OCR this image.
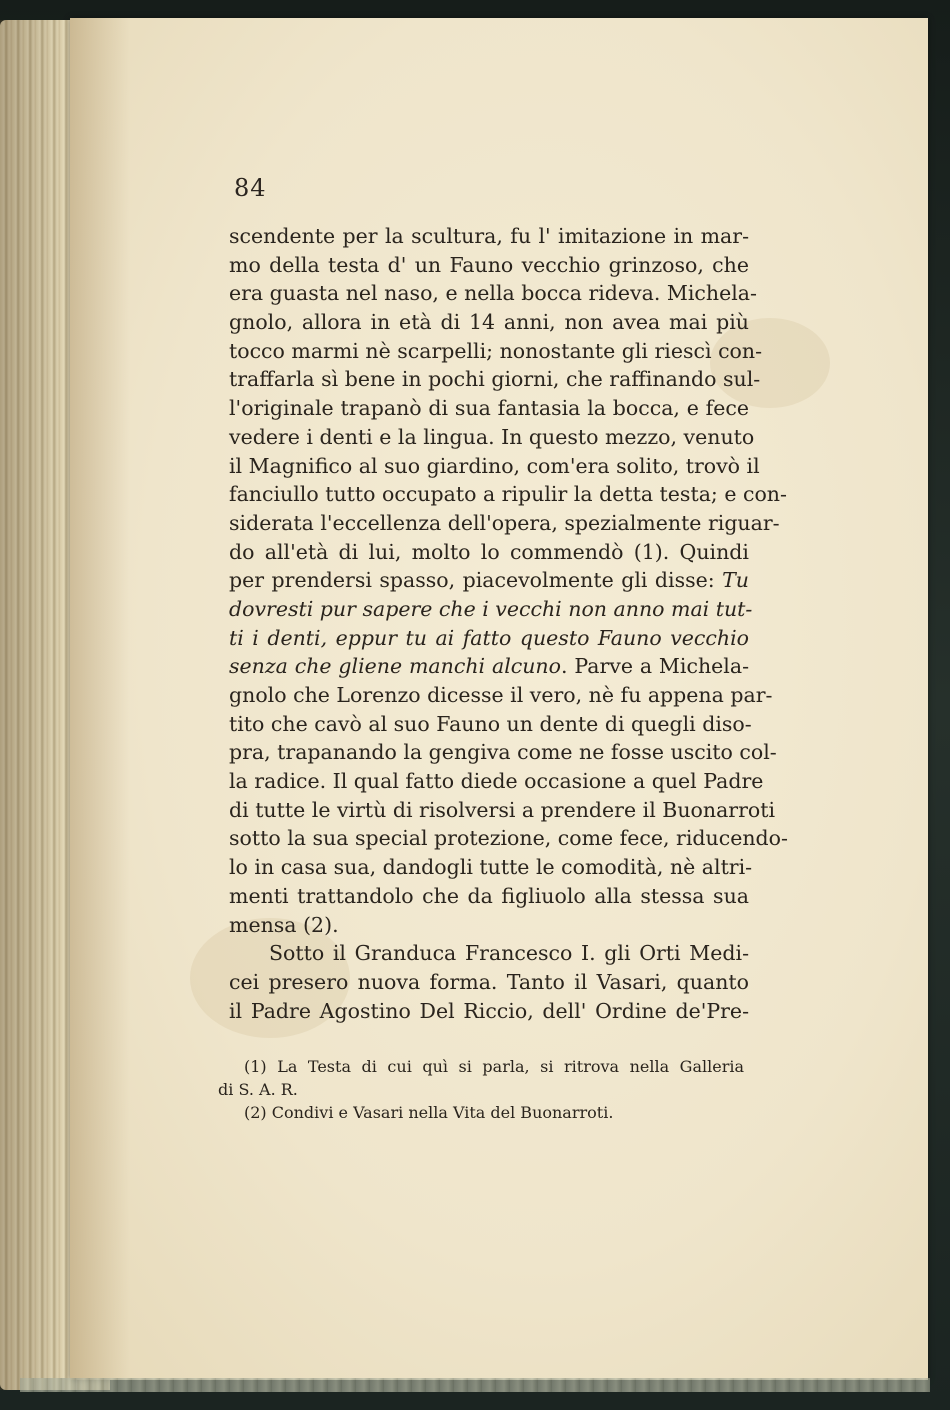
84
scendente per la scultura, fu l' imitazione in mar-
mo della testa d' un Fauno vecchio grinzoso, che
era guasta nel naso, e nella bocca rideva. Michela-
gnolo, allora in età di 14 anni, non avea mai più
tocco marmi nè scarpelli; nonostante gli riescì con-
traffarla sì bene in pochi giorni, che raffinando sul-
l'originale trapanò di sua fantasia la bocca, e fece
vedere i denti e la lingua. In questo mezzo, venuto
il Magnifico al suo giardino, com'era solito, trovò il
fanciullo tutto occupato a ripulir la detta testa; e con-
siderata l'eccellenza dell'opera, spezialmente riguar-
do all'età di lui, molto lo commendò (1). Quindi
per prendersi spasso, piacevolmente gli disse: Tu
dovresti pur sapere che i vecchi non anno mai tut-
ti i denti, eppur tu ai fatto questo Fauno vecchio
senza che gliene manchi alcuno. Parve a Michela-
gnolo che Lorenzo dicesse il vero, nè fu appena par-
tito che cavò al suo Fauno un dente di quegli diso-
pra, trapanando la gengiva come ne fosse uscito col-
la radice. Il qual fatto diede occasione a quel Padre
di tutte le virtù di risolversi a prendere il Buonarroti
sotto la sua special protezione, come fece, riducendo-
lo in casa sua, dandogli tutte le comodità, nè altri-
menti trattandolo che da figliuolo alla stessa sua
mensa (2).
Sotto il Granduca Francesco I. gli Orti Medi-
cei presero nuova forma. Tanto il Vasari, quanto
il Padre Agostino Del Riccio, dell' Ordine de'Pre-
(1) La Testa di cui quì si parla, si ritrova nella Galleria
di S. A. R.
(2) Condivi e Vasari nella Vita del Buonarroti.
